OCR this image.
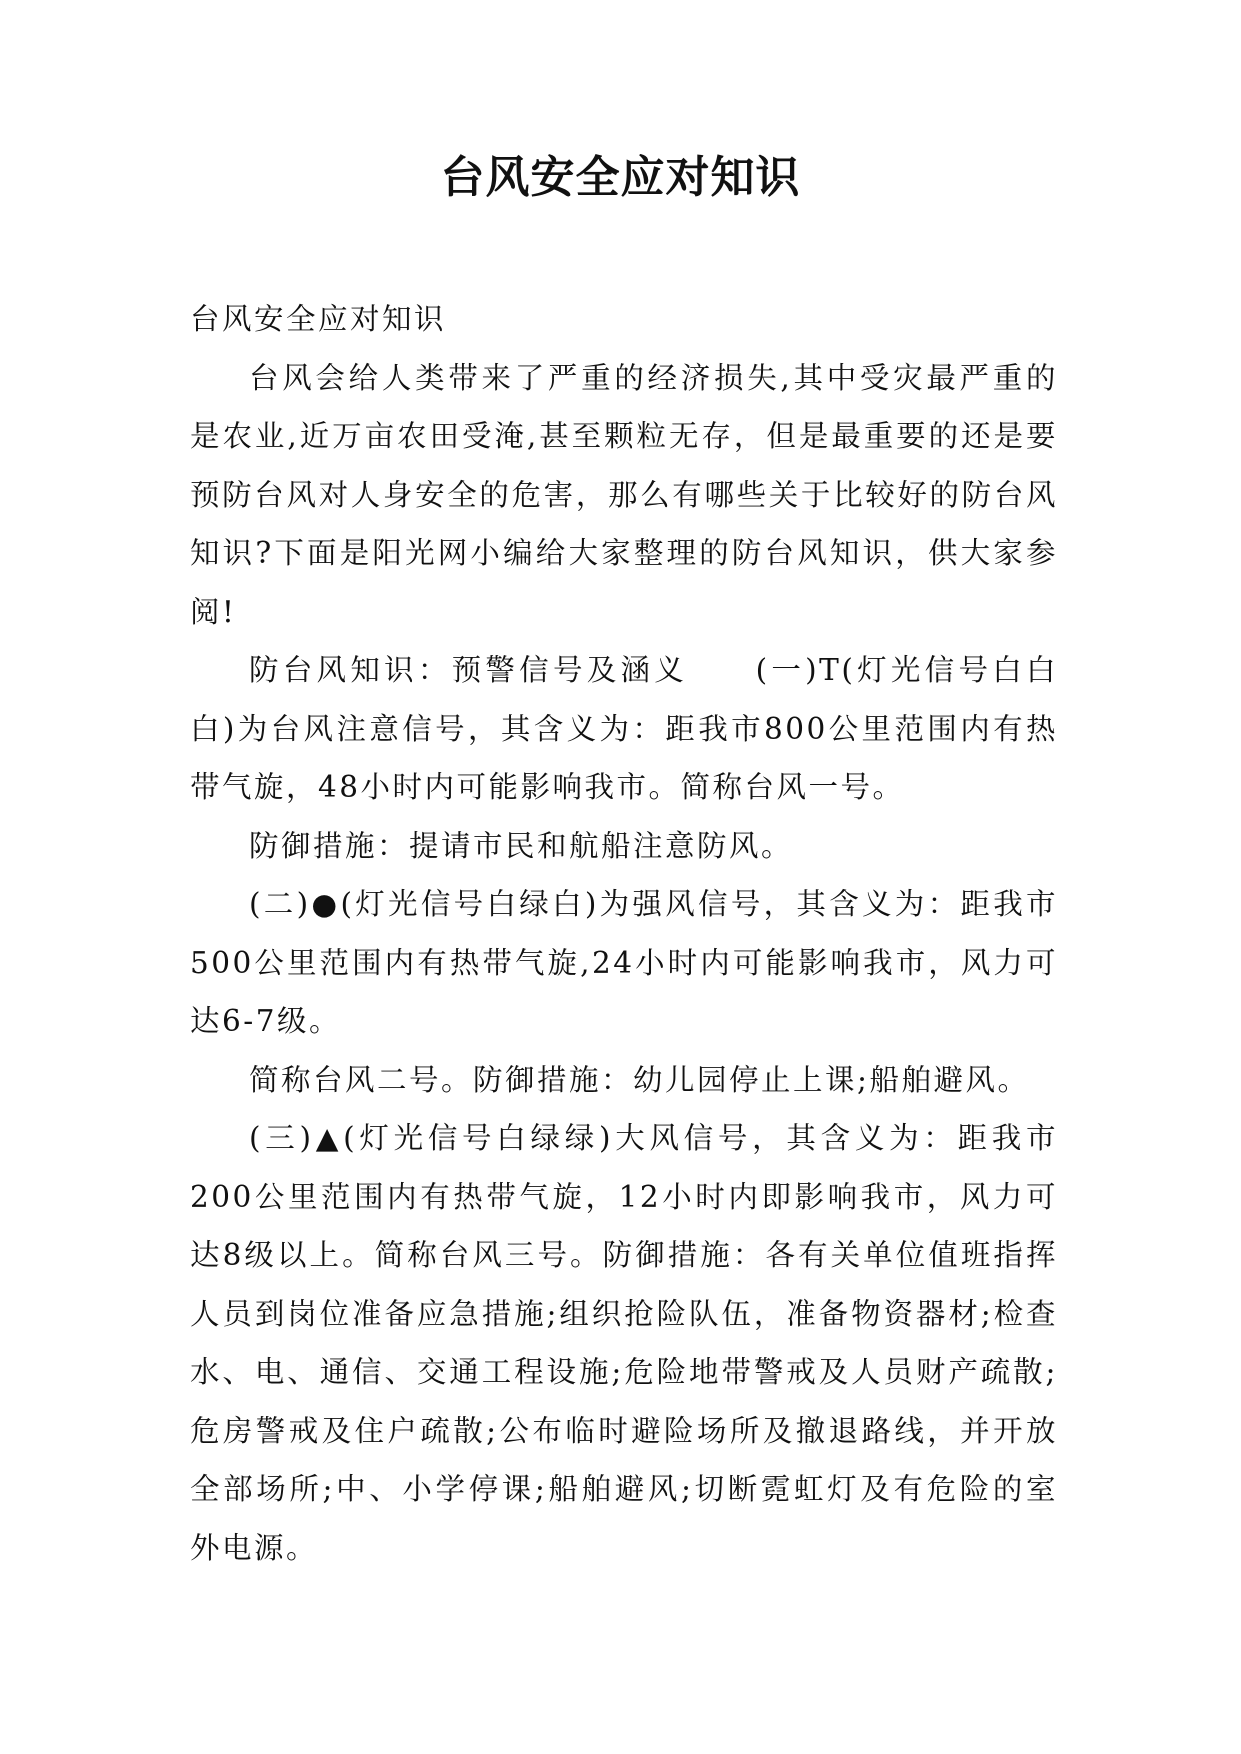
台风安全应对知识

台风安全应对知识

台风会给人类带来了严重的经济损失,其中受灾最严重的是农业,近万亩农田受淹,甚至颗粒无存，但是最重要的还是要预防台风对人身安全的危害，那么有哪些关于比较好的防台风知识?下面是阳光网小编给大家整理的防台风知识，供大家参阅!

防台风知识：预警信号及涵义　　(一)T(灯光信号白白白)为台风注意信号，其含义为：距我市800公里范围内有热带气旋，48小时内可能影响我市。简称台风一号。

防御措施：提请市民和航船注意防风。

(二)●(灯光信号白绿白)为强风信号，其含义为：距我市500公里范围内有热带气旋,24小时内可能影响我市，风力可达6-7级。

简称台风二号。防御措施：幼儿园停止上课;船舶避风。

(三)▲(灯光信号白绿绿)大风信号，其含义为：距我市200公里范围内有热带气旋，12小时内即影响我市，风力可达8级以上。简称台风三号。防御措施：各有关单位值班指挥人员到岗位准备应急措施;组织抢险队伍，准备物资器材;检查水、电、通信、交通工程设施;危险地带警戒及人员财产疏散;危房警戒及住户疏散;公布临时避险场所及撤退路线，并开放全部场所;中、小学停课;船舶避风;切断霓虹灯及有危险的室外电源。
